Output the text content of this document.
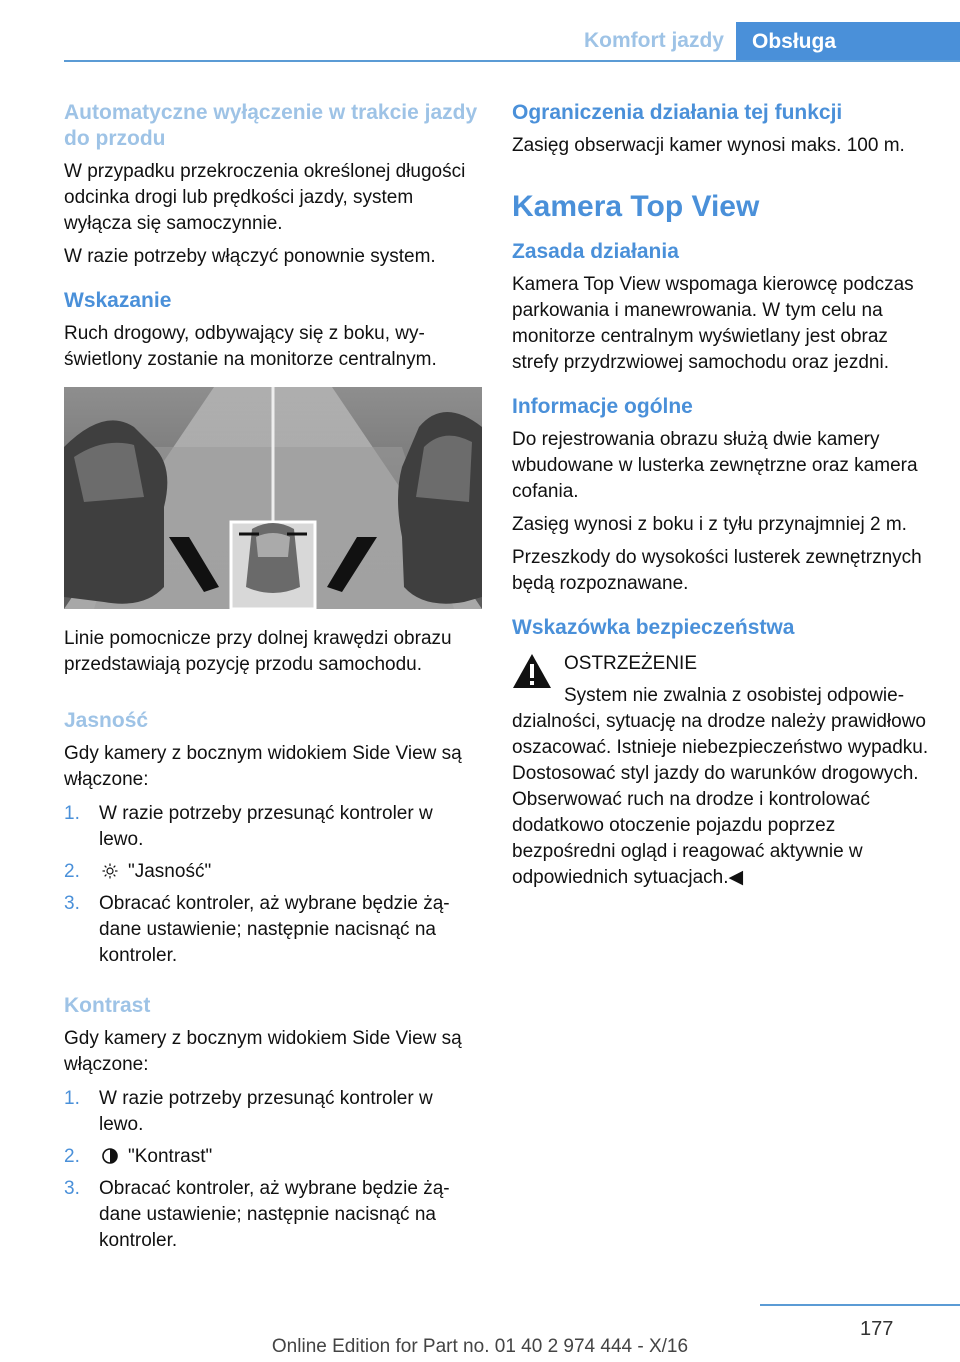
Komfort jazdy	Obsługa
Automatyczne wyłączenie w trakcie jazdy do przodu

W przypadku przekroczenia określonej długości odcinka drogi lub prędkości jazdy, system wyłącza się samoczynnie.

W razie potrzeby włączyć ponownie system.

Wskazanie

Ruch drogowy, odbywający się z boku, wyświetlony zostanie na monitorze centralnym.

Linie pomocnicze przy dolnej krawędzi obrazu przedstawiają pozycję przodu samochodu.

Jasność

Gdy kamery z bocznym widokiem Side View są włączone:

1. W razie potrzeby przesunąć kontroler w lewo.
2.	"Jasność"
3. Obracać kontroler, aż wybrane będzie żądane ustawienie; następnie nacisnąć na kontroler.
Kontrast

Gdy kamery z bocznym widokiem Side View są włączone:

1. W razie potrzeby przesunąć kontroler w lewo.
2.	"Kontrast"
3. Obracać kontroler, aż wybrane będzie żądane ustawienie; następnie nacisnąć na kontroler.
Ograniczenia działania tej funkcji

Zasięg obserwacji kamer wynosi maks. 100 m.

Kamera Top View
Zasada działania

Kamera Top View wspomaga kierowcę podczas parkowania i manewrowania. W tym celu na monitorze centralnym wyświetlany jest obraz strefy przydrzwiowej samochodu oraz jezdni.

Informacje ogólne

Do rejestrowania obrazu służą dwie kamery wbudowane w lusterka zewnętrzne oraz kamera cofania.

Zasięg wynosi z boku i z tyłu przynajmniej 2 m.

Przeszkody do wysokości lusterek zewnętrznych będą rozpoznawane.

Wskazówka bezpieczeństwa
OSTRZEŻENIE

System nie zwalnia z osobistej odpowiedzialności, sytuację na drodze należy prawidłowo oszacować. Istnieje niebezpieczeństwo wypadku. Dostosować styl jazdy do warunków drogowych. Obserwować ruch na drodze i kontrolować dodatkowo otoczenie pojazdu poprzez bezpośredni ogląd i reagować aktywnie w odpowiednich sytuacjach.◀

177
Online Edition for Part no. 01 40 2 974 444 - X/16
